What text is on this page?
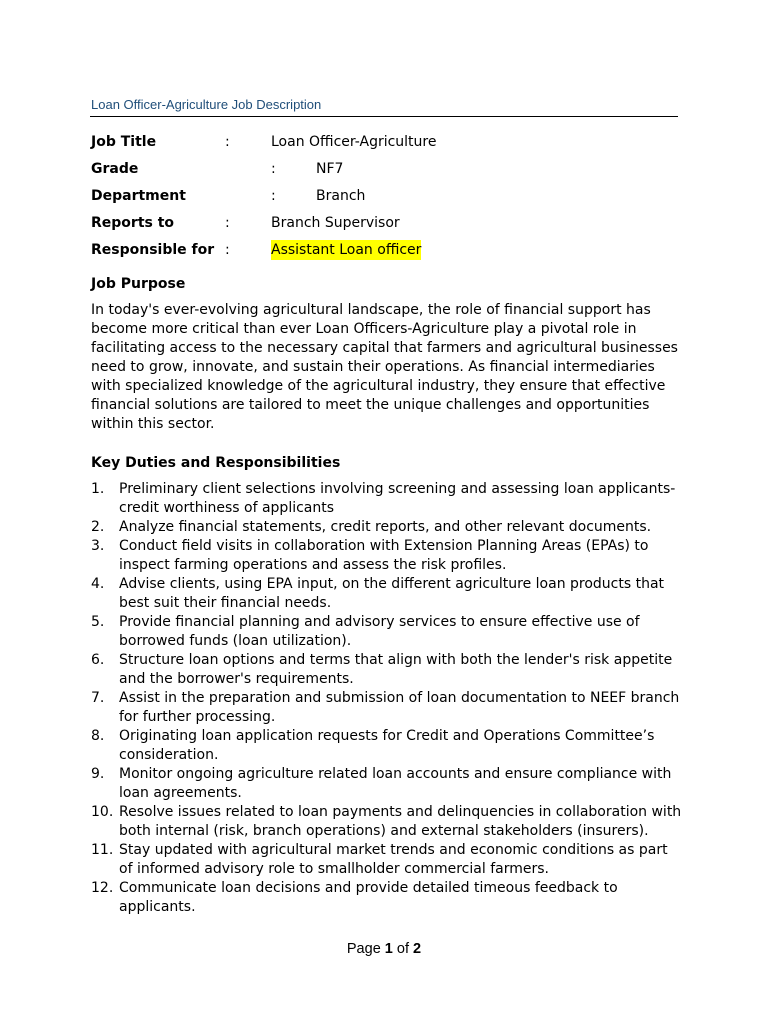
Loan Officer-Agriculture Job Description
Job Title	:	Loan Officer-Agriculture
Grade	:	NF7
Department	:	Branch
Reports to	:	Branch Supervisor
Responsible for :	Assistant Loan officer
Job Purpose

In today's ever-evolving agricultural landscape, the role of financial support has become more critical than ever Loan Officers-Agriculture play a pivotal role in facilitating access to the necessary capital that farmers and agricultural businesses need to grow, innovate, and sustain their operations. As financial intermediaries with specialized knowledge of the agricultural industry, they ensure that effective financial solutions are tailored to meet the unique challenges and opportunities within this sector.

Key Duties and Responsibilities
1. Preliminary client selections involving screening and assessing loan applicants- credit worthiness of applicants
2. Analyze financial statements, credit reports, and other relevant documents.
3. Conduct field visits in collaboration with Extension Planning Areas (EPAs) to inspect farming operations and assess the risk profiles.
4. Advise clients, using EPA input, on the different agriculture loan products that best suit their financial needs.
5. Provide financial planning and advisory services to ensure effective use of borrowed funds (loan utilization).
6. Structure loan options and terms that align with both the lender's risk appetite and the borrower's requirements.
7. Assist in the preparation and submission of loan documentation to NEEF branch for further processing.
8. Originating loan application requests for Credit and Operations Committee’s consideration.
9. Monitor ongoing agriculture related loan accounts and ensure compliance with loan agreements.
10. Resolve issues related to loan payments and delinquencies in collaboration with both internal (risk, branch operations) and external stakeholders (insurers).
11. Stay updated with agricultural market trends and economic conditions as part of informed advisory role to smallholder commercial farmers.
12. Communicate loan decisions and provide detailed timeous feedback to applicants.
Page 1 of 2
